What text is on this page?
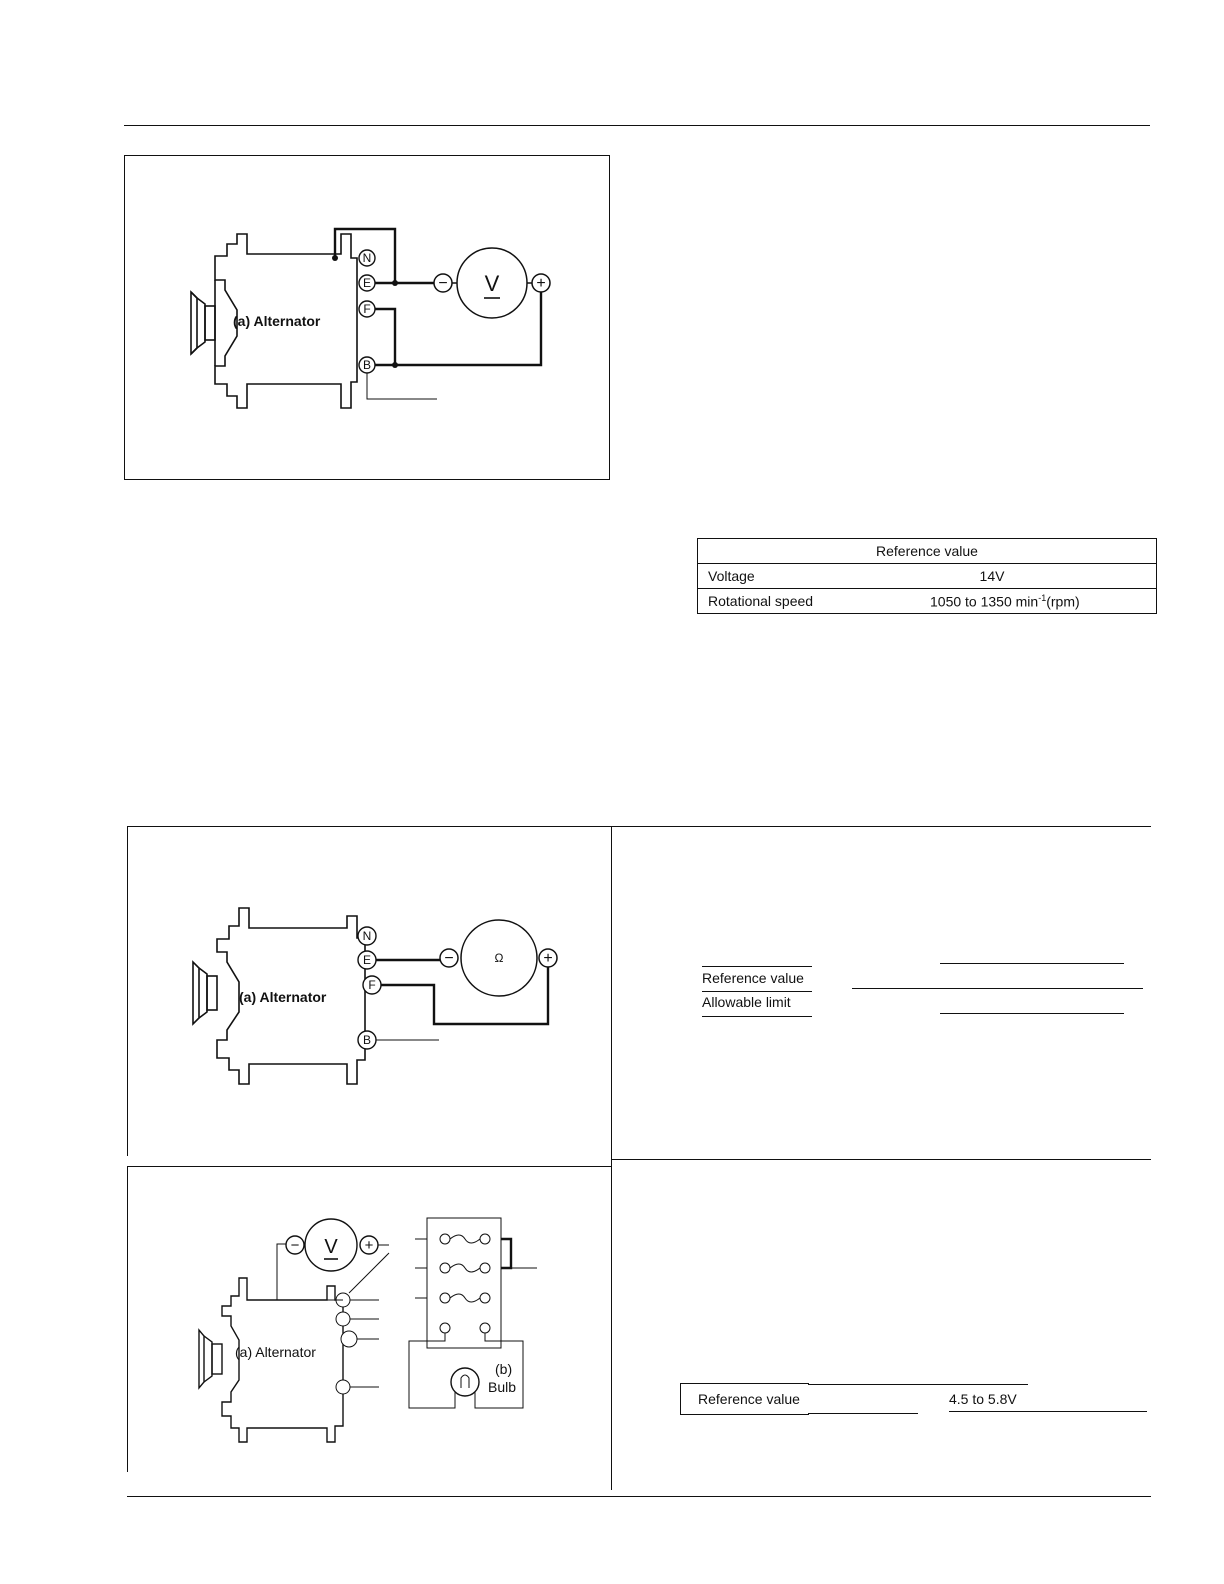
(a) Alternator
N
E
F
B
−	+
V
Reference value	
Voltage	14V
Rotational speed	1050 to 1350 $\min^{-1}(rpm)$
(a) Alternator
N
E
F
B
−	+
Ω
Reference value
Allowable limit
(a) Alternator
−	+
V
(b)
Bulb
Reference value	4.5 to 5.8V
